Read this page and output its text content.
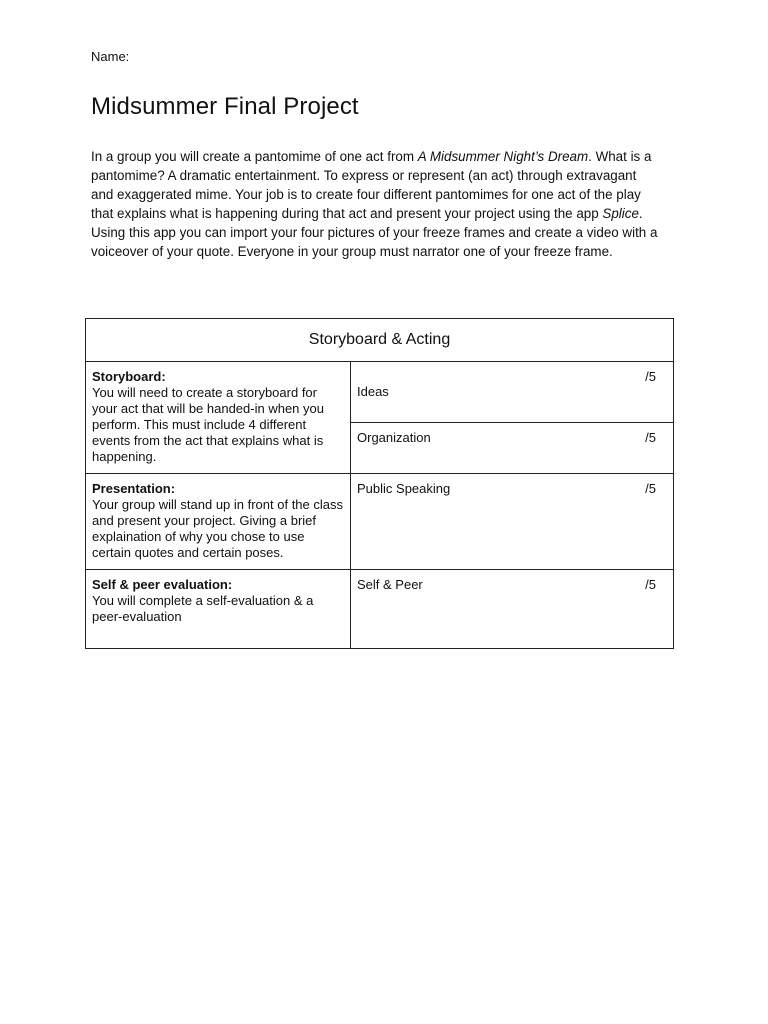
Name:
Midsummer Final Project

In a group you will create a pantomime of one act from A Midsummer Night’s Dream. What is a
pantomime? A dramatic entertainment. To express or represent (an act) through extravagant
and exaggerated mime. Your job is to create four different pantomimes for one act of the play
that explains what is happening during that act and present your project using the app Splice.
Using this app you can import your four pictures of your freeze frames and create a video with a
voiceover of your quote. Everyone in your group must narrator one of your freeze frame.

Storyboard & Acting		

Storyboard:
You will need to create a storyboard for your act that will be handed-in when you perform. This must include 4 different events from the act that explains what is happening.	Ideas	/5
	Organization	/5

Presentation:
Your group will stand up in front of the class and present your project. Giving a brief explaination of why you chose to use certain quotes and certain poses.	Public Speaking	/5

Self & peer evaluation:
You will complete a self-evaluation & a peer-evaluation	Self & Peer	/5
